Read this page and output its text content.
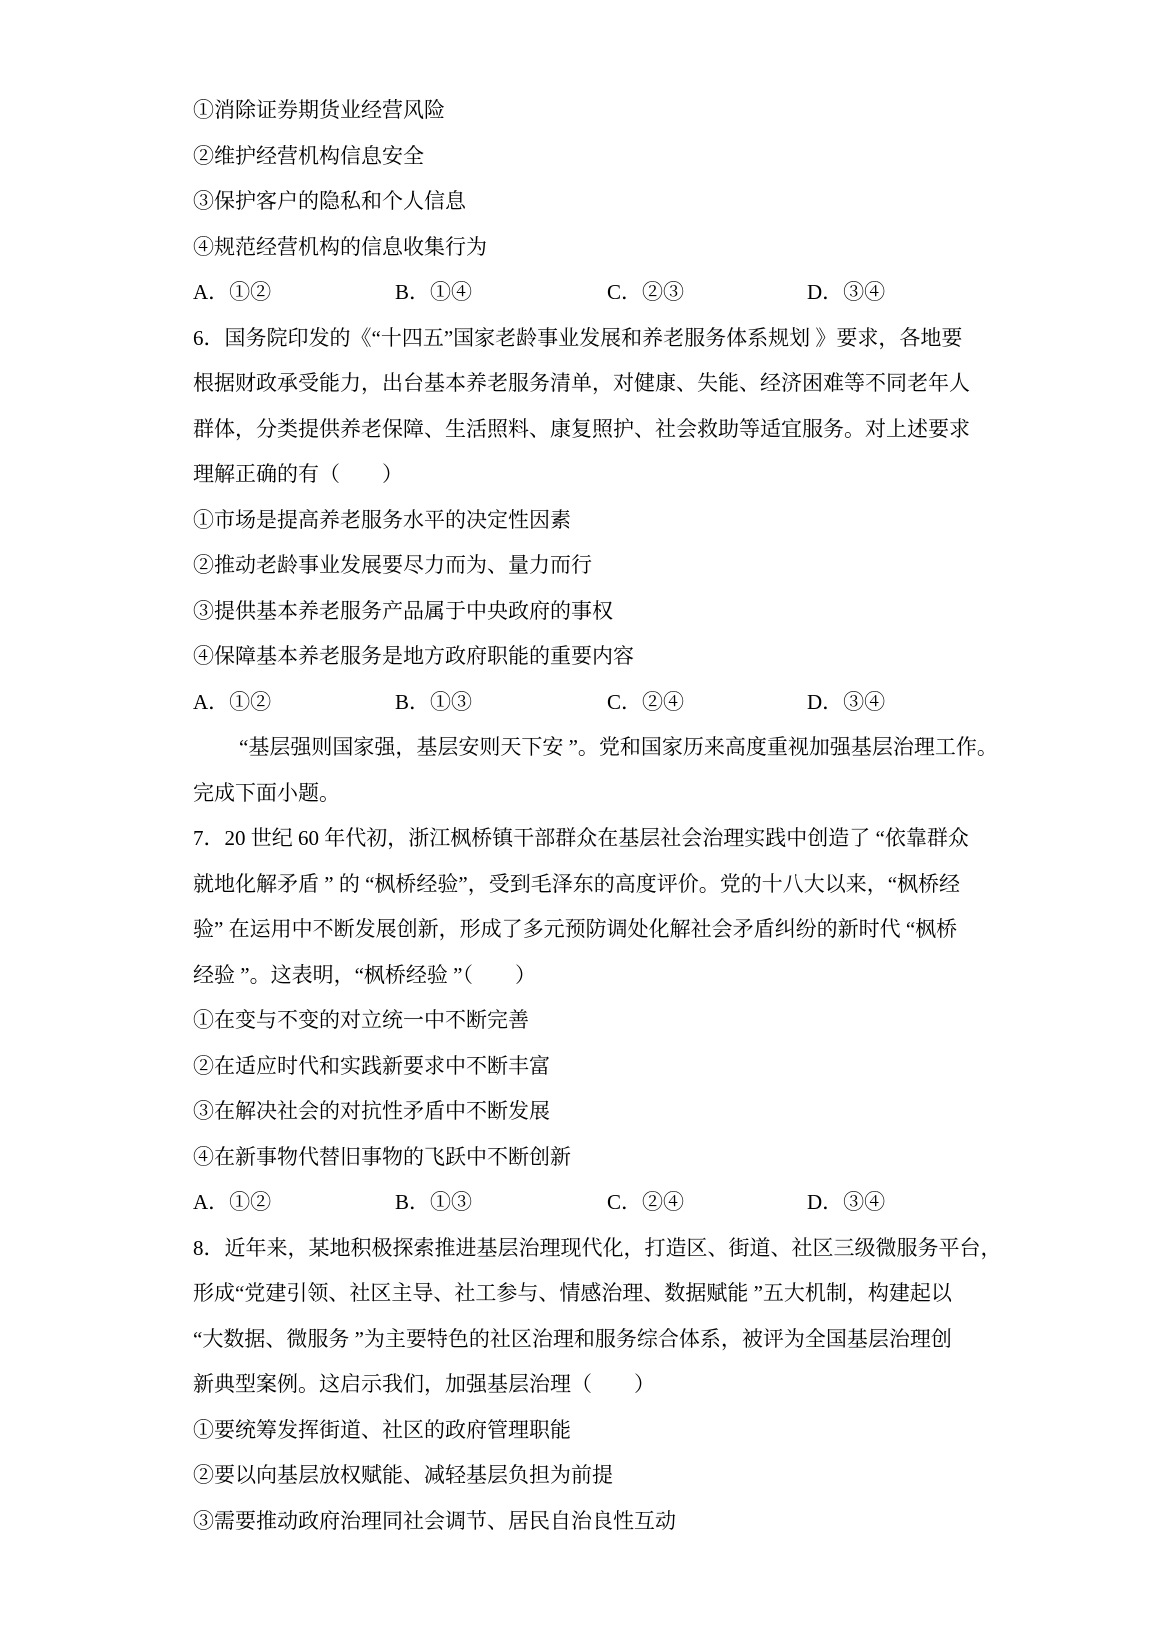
①消除证券期货业经营风险
②维护经营机构信息安全
③保护客户的隐私和个人信息
④规范经营机构的信息收集行为
A．①②	B．①④	C．②③	D．③④
6．国务院印发的《“十四五”国家老龄事业发展和养老服务体系规划 》要求，各地要
根据财政承受能力，出台基本养老服务清单，对健康、失能、经济困难等不同老年人
群体，分类提供养老保障、生活照料、康复照护、社会救助等适宜服务。对上述要求
理解正确的有（　　）
①市场是提高养老服务水平的决定性因素
②推动老龄事业发展要尽力而为、量力而行
③提供基本养老服务产品属于中央政府的事权
④保障基本养老服务是地方政府职能的重要内容
A．①②	B．①③	C．②④	D．③④
“基层强则国家强，基层安则天下安 ”。党和国家历来高度重视加强基层治理工作。
完成下面小题。
7．20 世纪 60 年代初，浙江枫桥镇干部群众在基层社会治理实践中创造了 “依靠群众
就地化解矛盾 ” 的 “枫桥经验”，受到毛泽东的高度评价。党的十八大以来，“枫桥经
验” 在运用中不断发展创新，形成了多元预防调处化解社会矛盾纠纷的新时代 “枫桥
经验 ”。这表明，“枫桥经验 ”（　　）
①在变与不变的对立统一中不断完善
②在适应时代和实践新要求中不断丰富
③在解决社会的对抗性矛盾中不断发展
④在新事物代替旧事物的飞跃中不断创新
A．①②	B．①③	C．②④	D．③④
8．近年来，某地积极探索推进基层治理现代化，打造区、街道、社区三级微服务平台，
形成“党建引领、社区主导、社工参与、情感治理、数据赋能 ”五大机制，构建起以
“大数据、微服务 ”为主要特色的社区治理和服务综合体系，被评为全国基层治理创
新典型案例。这启示我们，加强基层治理（　　）
①要统筹发挥街道、社区的政府管理职能
②要以向基层放权赋能、减轻基层负担为前提
③需要推动政府治理同社会调节、居民自治良性互动
